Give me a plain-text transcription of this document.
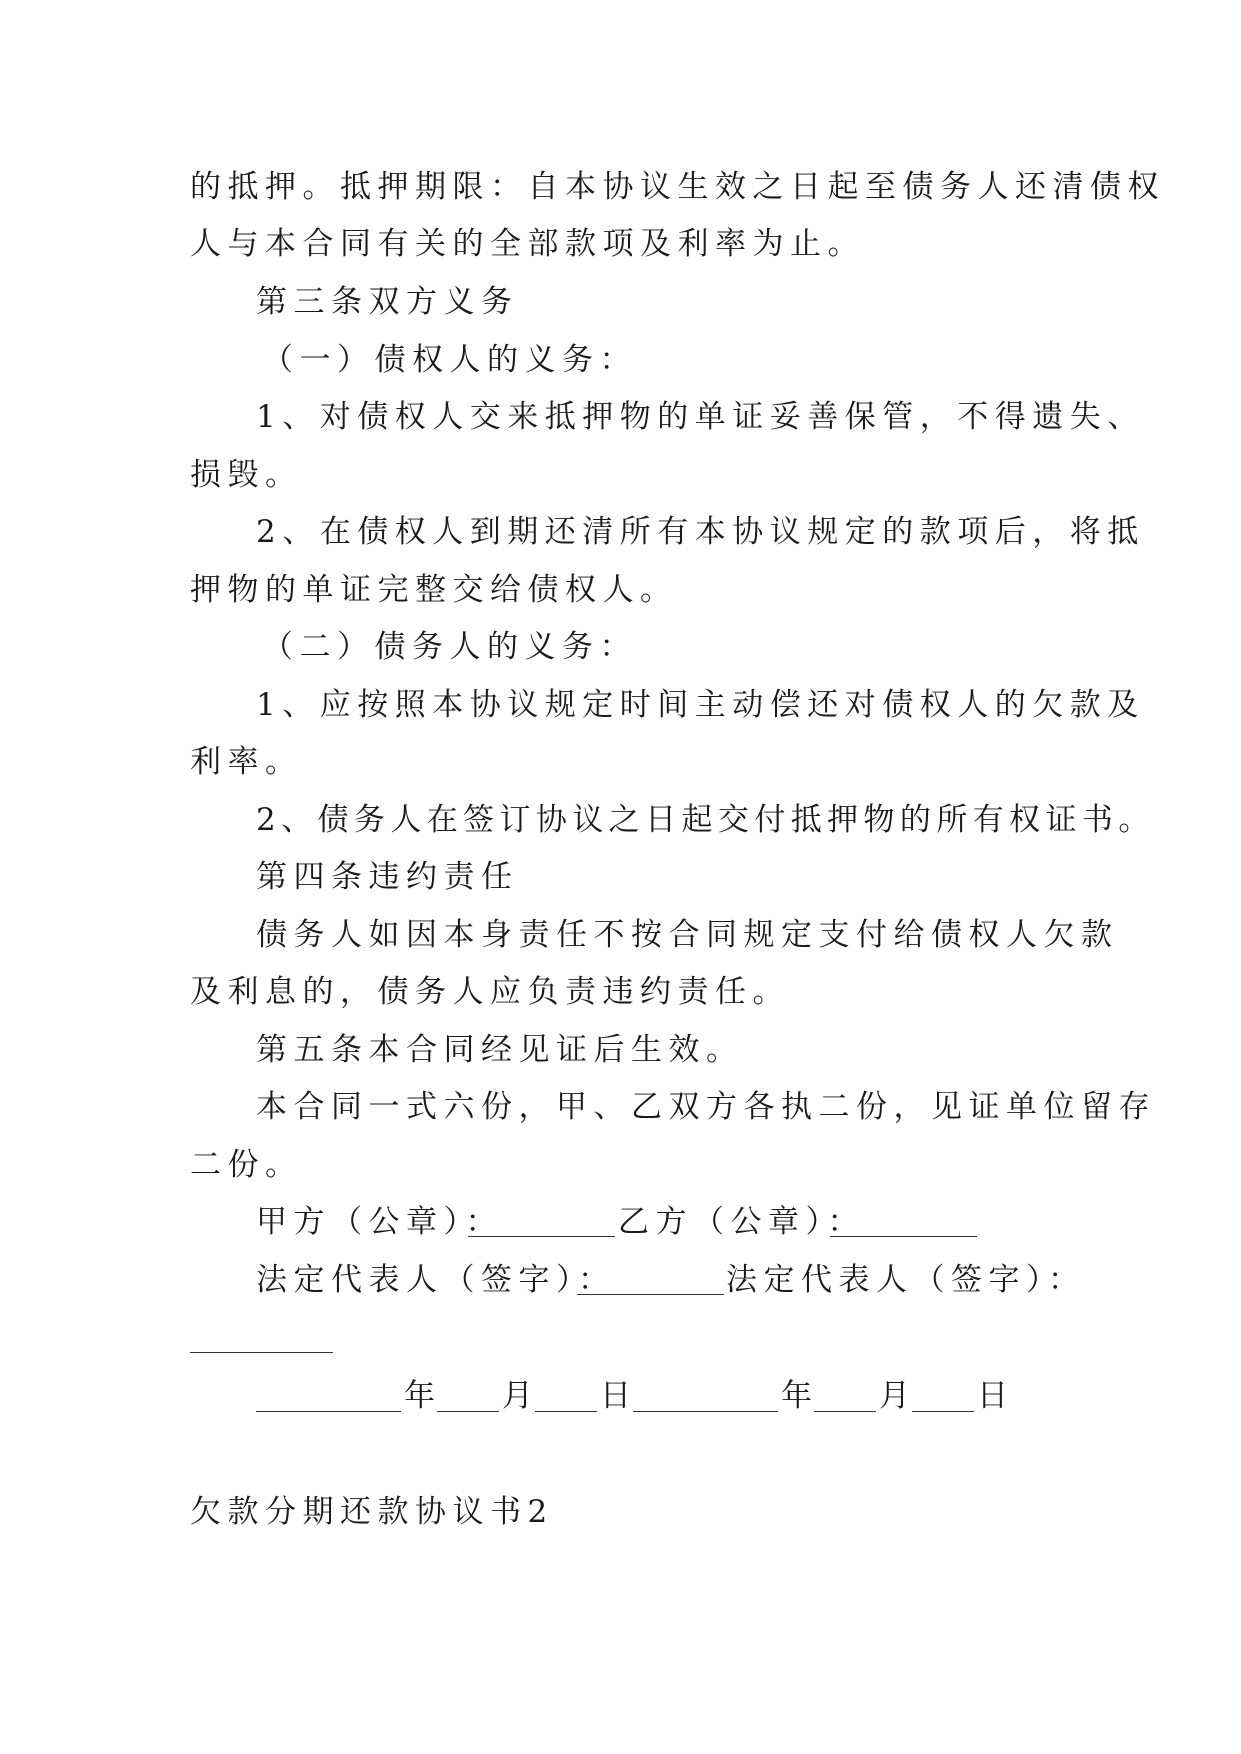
的抵押。抵押期限：自本协议生效之日起至债务人还清债权

人与本合同有关的全部款项及利率为止。

第三条双方义务

（一）债权人的义务：

1、对债权人交来抵押物的单证妥善保管，不得遗失、

损毁。

2、在债权人到期还清所有本协议规定的款项后，将抵

押物的单证完整交给债权人。

（二）债务人的义务：

1、应按照本协议规定时间主动偿还对债权人的欠款及

利率。

2、债务人在签订协议之日起交付抵押物的所有权证书。

第四条违约责任

债务人如因本身责任不按合同规定支付给债权人欠款

及利息的，债务人应负责违约责任。

第五条本合同经见证后生效。

本合同一式六份，甲、乙双方各执二份，见证单位留存

二份。

甲方（公章）：	乙方（公章）：

法定代表人（签字）：	法定代表人（签字）：

年 月 日	年 月 日

欠款分期还款协议书2
